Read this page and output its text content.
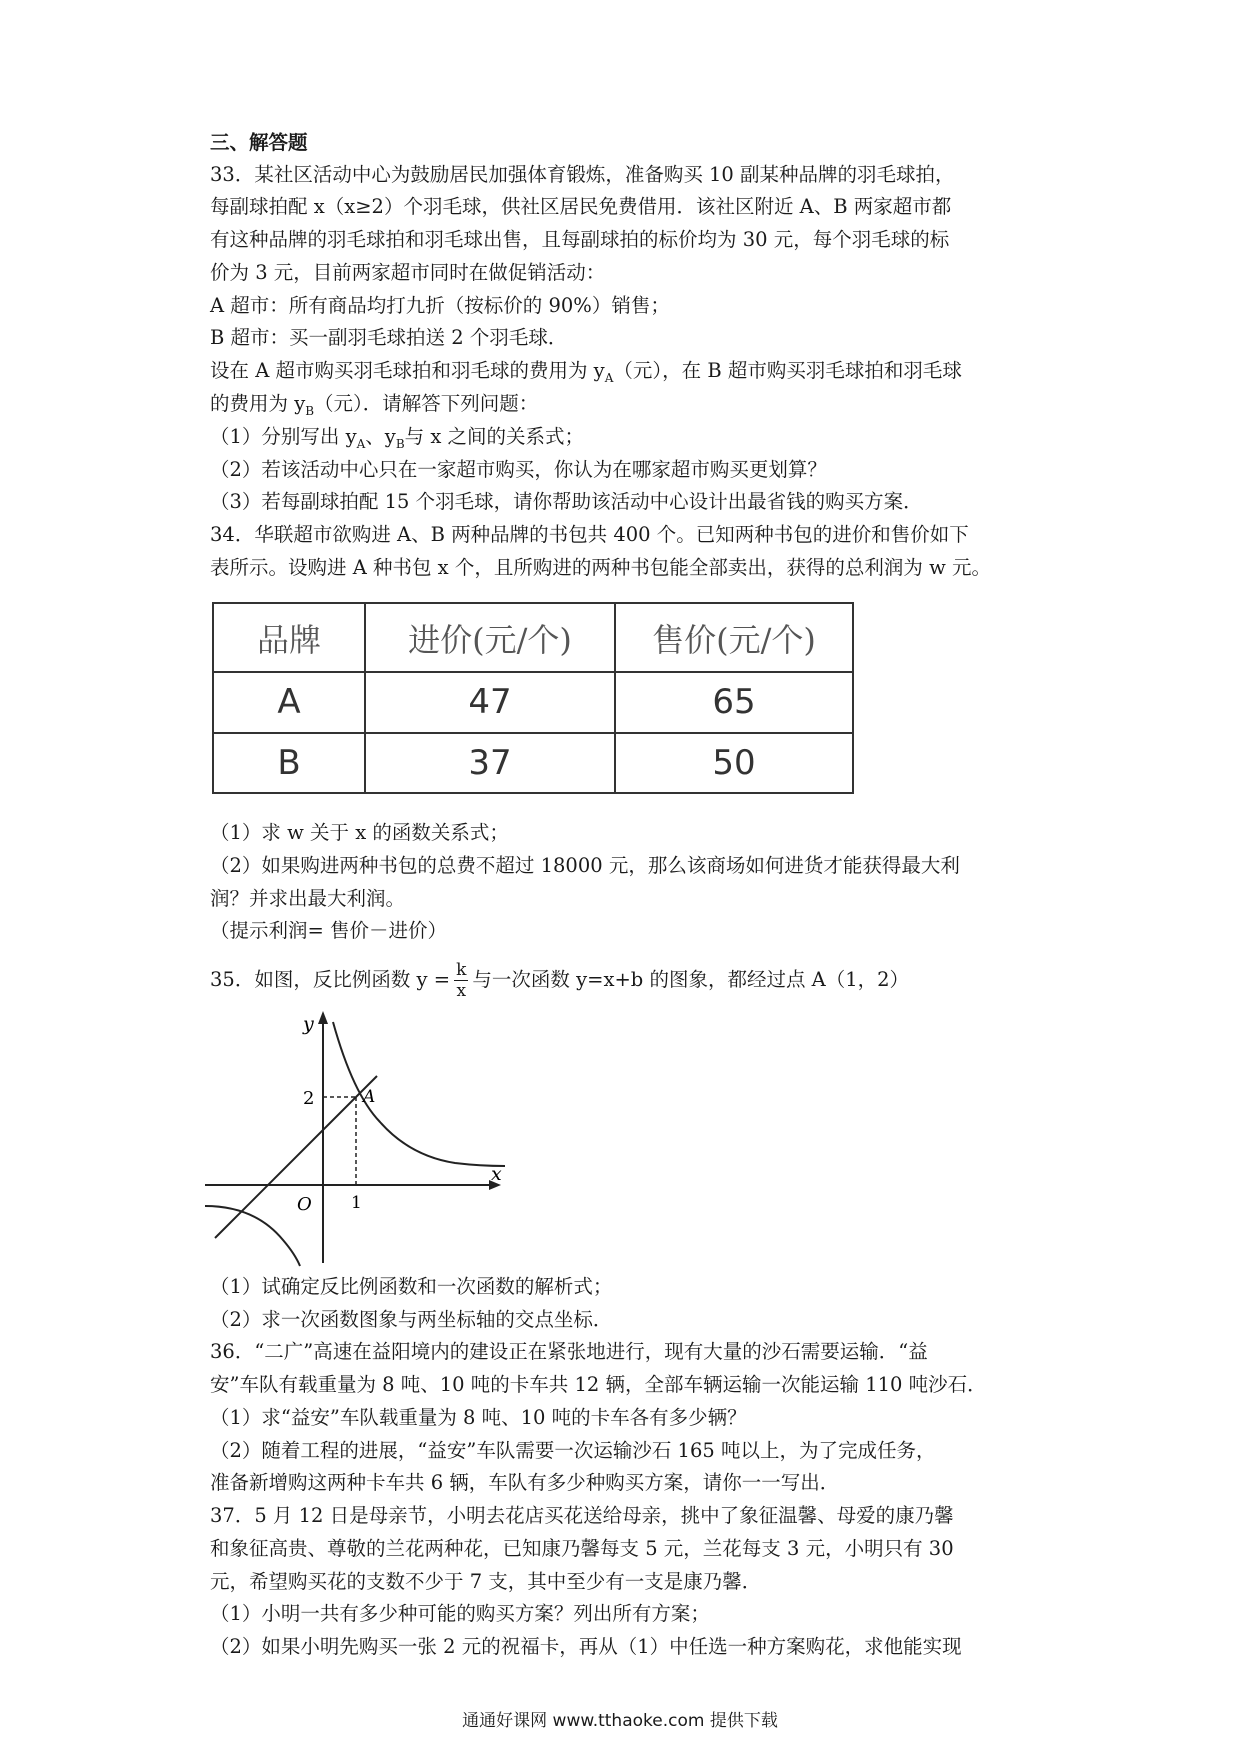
三、解答题
33．某社区活动中心为鼓励居民加强体育锻炼，准备购买 10 副某种品牌的羽毛球拍，
每副球拍配 x（x≥2）个羽毛球，供社区居民免费借用．该社区附近 A、B 两家超市都
有这种品牌的羽毛球拍和羽毛球出售，且每副球拍的标价均为 30 元，每个羽毛球的标
价为 3 元，目前两家超市同时在做促销活动：
A 超市：所有商品均打九折（按标价的 90%）销售；
B 超市：买一副羽毛球拍送 2 个羽毛球．
设在 A 超市购买羽毛球拍和羽毛球的费用为 $y_A$（元），在 B 超市购买羽毛球拍和羽毛球
的费用为 $y_B$（元）．请解答下列问题：
（1）分别写出 $y_A$、$y_B$与 x 之间的关系式；
（2）若该活动中心只在一家超市购买，你认为在哪家超市购买更划算？
（3）若每副球拍配 15 个羽毛球，请你帮助该活动中心设计出最省钱的购买方案．
34．华联超市欲购进 A、B 两种品牌的书包共 400 个。已知两种书包的进价和售价如下
表所示。设购进 A 种书包 x 个，且所购进的两种书包能全部卖出，获得的总利润为 w 元。
品牌	进价(元/个)	售价(元/个)
A	47	65
B	37	50
（1）求 w 关于 x 的函数关系式；
（2）如果购进两种书包的总费不超过 18000 元，那么该商场如何进货才能获得最大利
润？并求出最大利润。
（提示利润= 售价－进价）
35．如图，反比例函数 $y = \frac{k}{x}$ 与一次函数 y=x+b 的图象，都经过点 A（1，2）
y
x
O
2
1
A
（1）试确定反比例函数和一次函数的解析式；
（2）求一次函数图象与两坐标轴的交点坐标．
36．“二广”高速在益阳境内的建设正在紧张地进行，现有大量的沙石需要运输．“益
安”车队有载重量为 8 吨、10 吨的卡车共 12 辆，全部车辆运输一次能运输 110 吨沙石．
（1）求“益安”车队载重量为 8 吨、10 吨的卡车各有多少辆？
（2）随着工程的进展，“益安”车队需要一次运输沙石 165 吨以上，为了完成任务，
准备新增购这两种卡车共 6 辆，车队有多少种购买方案，请你一一写出．
37．5 月 12 日是母亲节，小明去花店买花送给母亲，挑中了象征温馨、母爱的康乃馨
和象征高贵、尊敬的兰花两种花，已知康乃馨每支 5 元，兰花每支 3 元，小明只有 30
元，希望购买花的支数不少于 7 支，其中至少有一支是康乃馨．
（1）小明一共有多少种可能的购买方案？列出所有方案；
（2）如果小明先购买一张 2 元的祝福卡，再从（1）中任选一种方案购花，求他能实现
通通好课网 www.tthaoke.com 提供下载
